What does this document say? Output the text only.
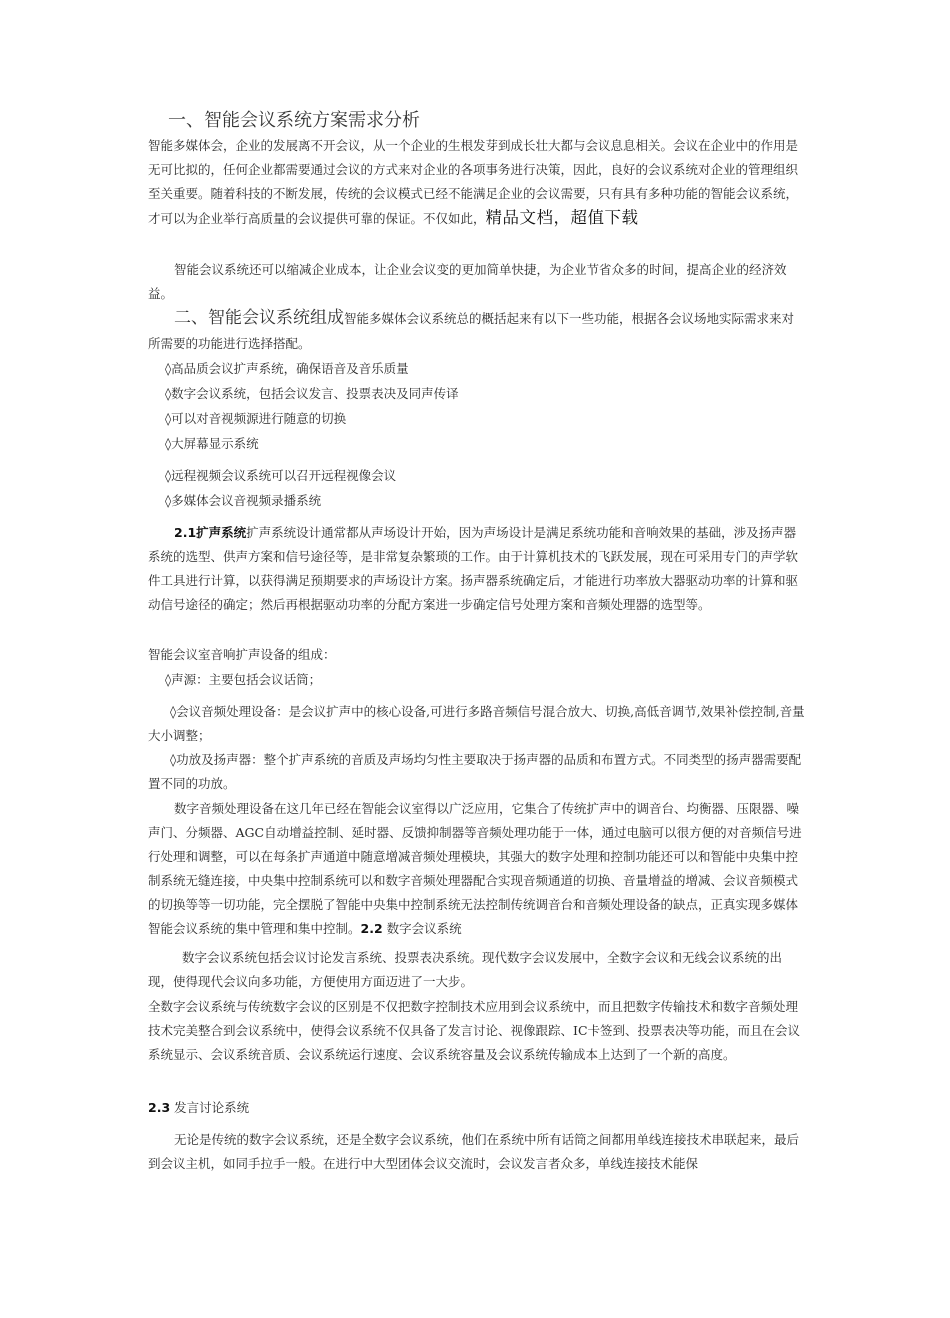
一、智能会议系统方案需求分析

智能多媒体会，企业的发展离不开会议，从一个企业的生根发芽到成长壮大都与会议息息相关。会议在企业中的作用是无可比拟的，任何企业都需要通过会议的方式来对企业的各项事务进行决策，因此，良好的会议系统对企业的管理组织至关重要。随着科技的不断发展，传统的会议模式已经不能满足企业的会议需要，只有具有多种功能的智能会议系统，才可以为企业举行高质量的会议提供可靠的保证。不仅如此，精品文档，超值下载

智能会议系统还可以缩减企业成本，让企业会议变的更加简单快捷，为企业节省众多的时间，提高企业的经济效益。

二、智能会议系统组成智能多媒体会议系统总的概括起来有以下一些功能，根据各会议场地实际需求来对所需要的功能进行选择搭配。

◊高品质会议扩声系统，确保语音及音乐质量
◊数字会议系统，包括会议发言、投票表决及同声传译
◊可以对音视频源进行随意的切换
◊大屏幕显示系统
◊远程视频会议系统可以召开远程视像会议
◊多媒体会议音视频录播系统

2.1扩声系统扩声系统设计通常都从声场设计开始，因为声场设计是满足系统功能和音响效果的基础，涉及扬声器系统的选型、供声方案和信号途径等，是非常复杂繁琐的工作。由于计算机技术的飞跃发展，现在可采用专门的声学软件工具进行计算，以获得满足预期要求的声场设计方案。扬声器系统确定后，才能进行功率放大器驱动功率的计算和驱动信号途径的确定；然后再根据驱动功率的分配方案进一步确定信号处理方案和音频处理器的选型等。

智能会议室音响扩声设备的组成：
◊声源：主要包括会议话筒；

◊会议音频处理设备：是会议扩声中的核心设备,可进行多路音频信号混合放大、切换,高低音调节,效果补偿控制,音量大小调整；

◊功放及扬声器：整个扩声系统的音质及声场均匀性主要取决于扬声器的品质和布置方式。不同类型的扬声器需要配置不同的功放。

数字音频处理设备在这几年已经在智能会议室得以广泛应用，它集合了传统扩声中的调音台、均衡器、压限器、噪声门、分频器、AGC自动增益控制、延时器、反馈抑制器等音频处理功能于一体，通过电脑可以很方便的对音频信号进行处理和调整，可以在每条扩声通道中随意增减音频处理模块，其强大的数字处理和控制功能还可以和智能中央集中控制系统无缝连接，中央集中控制系统可以和数字音频处理器配合实现音频通道的切换、音量增益的增减、会议音频模式的切换等等一切功能，完全摆脱了智能中央集中控制系统无法控制传统调音台和音频处理设备的缺点，正真实现多媒体智能会议系统的集中管理和集中控制。2.2 数字会议系统

数字会议系统包括会议讨论发言系统、投票表决系统。现代数字会议发展中，全数字会议和无线会议系统的出现，使得现代会议向多功能，方便使用方面迈进了一大步。

全数字会议系统与传统数字会议的区别是不仅把数字控制技术应用到会议系统中，而且把数字传输技术和数字音频处理技术完美整合到会议系统中，使得会议系统不仅具备了发言讨论、视像跟踪、IC卡签到、投票表决等功能，而且在会议系统显示、会议系统音质、会议系统运行速度、会议系统容量及会议系统传输成本上达到了一个新的高度。

2.3 发言讨论系统

无论是传统的数字会议系统，还是全数字会议系统，他们在系统中所有话筒之间都用单线连接技术串联起来，最后到会议主机，如同手拉手一般。在进行中大型团体会议交流时，会议发言者众多，单线连接技术能保
